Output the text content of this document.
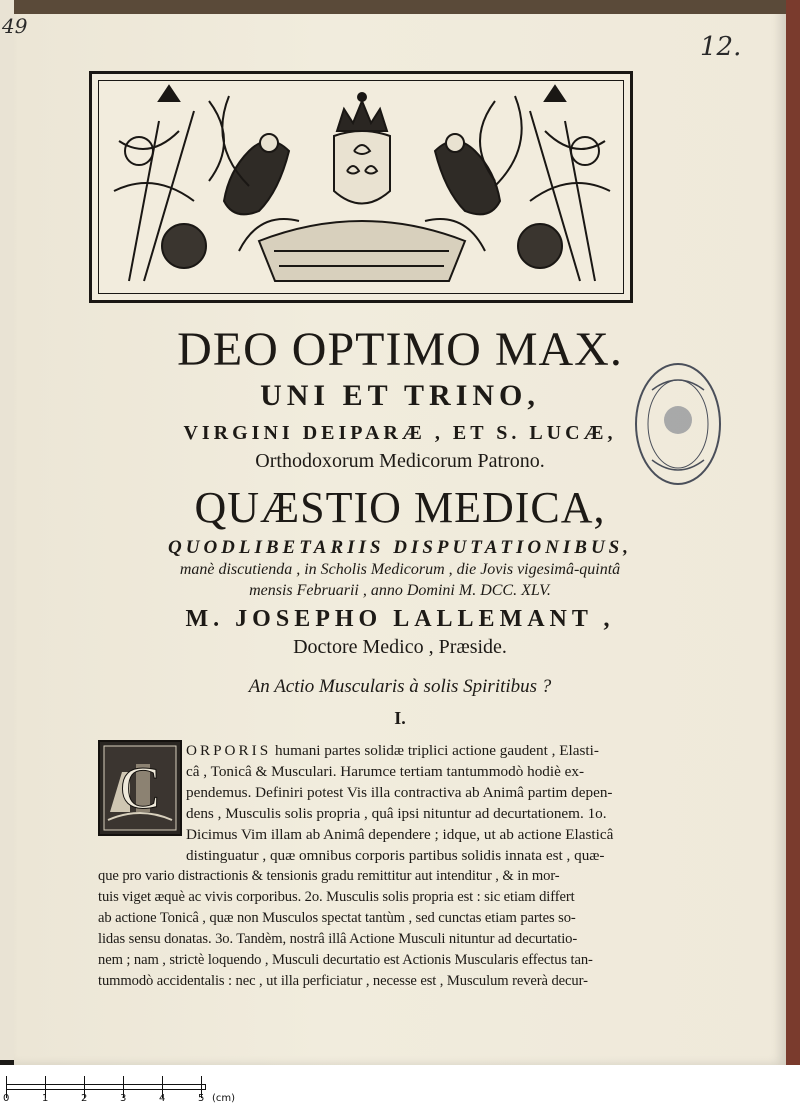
49
12.
DEO OPTIMO MAX.
UNI ET TRINO,
VIRGINI DEIPARÆ , ET S. LUCÆ,
Orthodoxorum Medicorum Patrono.
QUÆSTIO MEDICA,
QUODLIBETARIIS DISPUTATIONIBUS,
manè discutienda , in Scholis Medicorum , die Jovis vigesimâ-quintâ
mensis Februarii , anno Domini M. DCC. XLV.
M. JOSEPHO LALLEMANT ,
Doctore Medico , Præside.
An Actio Muscularis à solis Spiritibus ?
I.
C
ORPORIS humani partes solidæ triplici actione gaudent , Elasti-
câ , Tonicâ & Musculari. Harumce tertiam tantummodò hodiè ex-
pendemus. Definiri potest Vis illa contractiva ab Animâ partim depen-
dens , Musculis solis propria , quâ ipsi nituntur ad decurtationem. 1o.
Dicimus Vim illam ab Animâ dependere ; idque, ut ab actione Elasticâ
distinguatur , quæ omnibus corporis partibus solidis innata est , quæ-
que pro vario distractionis & tensionis gradu remittitur aut intenditur , & in mor-
tuis viget æquè ac vivis corporibus. 2o. Musculis solis propria est : sic etiam differt
ab actione Tonicâ , quæ non Musculos spectat tantùm , sed cunctas etiam partes so-
lidas sensu donatas. 3o. Tandèm, nostrâ illâ Actione Musculi nituntur ad decurtatio-
nem ; nam , strictè loquendo , Musculi decurtatio est Actionis Muscularis effectus tan-
tummodò accidentalis : nec , ut illa perficiatur , necesse est , Musculum reverà decur-
0	1	2	3	4	5 (cm)
